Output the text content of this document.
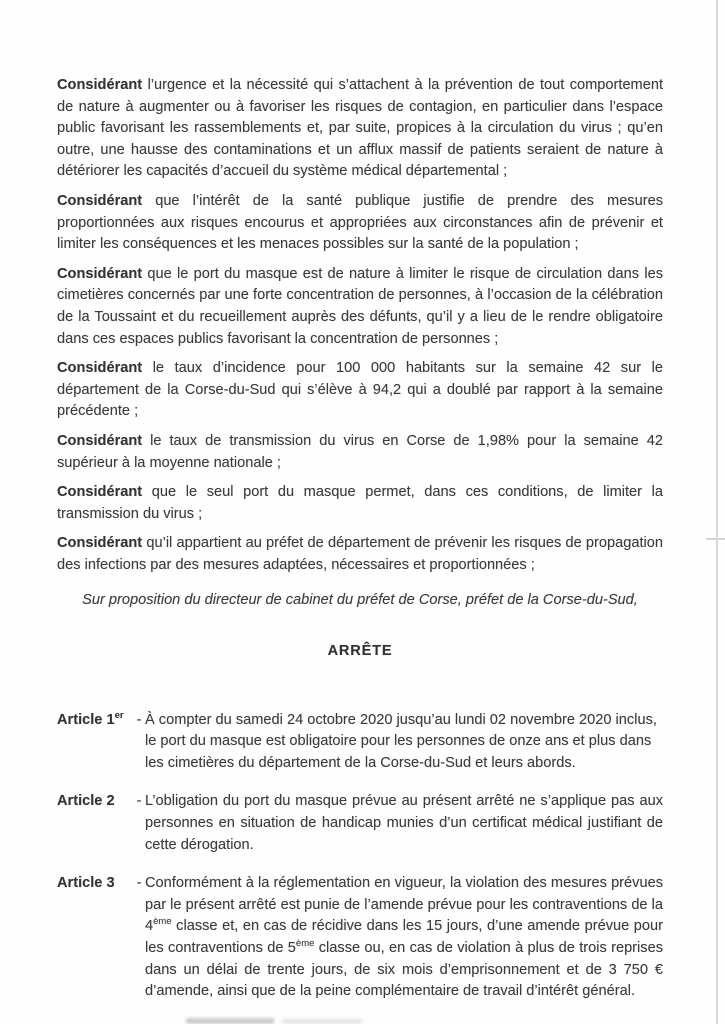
Considérant l’urgence et la nécessité qui s’attachent à la prévention de tout comportement de nature à augmenter ou à favoriser les risques de contagion, en particulier dans l’espace public favorisant les rassemblements et, par suite, propices à la circulation du virus ; qu’en outre, une hausse des contaminations et un afflux massif de patients seraient de nature à détériorer les capacités d’accueil du système médical départemental ;

Considérant que l’intérêt de la santé publique justifie de prendre des mesures proportionnées aux risques encourus et appropriées aux circonstances afin de prévenir et limiter les conséquences et les menaces possibles sur la santé de la population ;

Considérant que le port du masque est de nature à limiter le risque de circulation dans les cimetières concernés par une forte concentration de personnes, à l’occasion de la célébration de la Toussaint et du recueillement auprès des défunts, qu’il y a lieu de le rendre obligatoire dans ces espaces publics favorisant la concentration de personnes ;

Considérant le taux d’incidence pour 100 000 habitants sur la semaine 42 sur le département de la Corse-du-Sud qui s’élève à 94,2 qui a doublé par rapport à la semaine précédente ;

Considérant le taux de transmission du virus en Corse de 1,98% pour la semaine 42 supérieur à la moyenne nationale ;

Considérant que le seul port du masque permet, dans ces conditions, de limiter la transmission du virus ;

Considérant qu’il appartient au préfet de département de prévenir les risques de propagation des infections par des mesures adaptées, nécessaires et proportionnées ;

Sur proposition du directeur de cabinet du préfet de Corse, préfet de la Corse-du-Sud,

ARRÊTE

Article 1er - À compter du samedi 24 octobre 2020 jusqu’au lundi 02 novembre 2020 inclus, le port du masque est obligatoire pour les personnes de onze ans et plus dans les cimetières du département de la Corse-du-Sud et leurs abords.
Article 2	- L’obligation du port du masque prévue au présent arrêté ne s’applique pas aux personnes en situation de handicap munies d’un certificat médical justifiant de cette dérogation.
Article 3	- Conformément à la réglementation en vigueur, la violation des mesures prévues par le présent arrêté est punie de l’amende prévue pour les contraventions de la 4ème classe et, en cas de récidive dans les 15 jours, d’une amende prévue pour les contraventions de 5ème classe ou, en cas de violation à plus de trois reprises dans un délai de trente jours, de six mois d’emprisonnement et de 3 750 € d’amende, ainsi que de la peine complémentaire de travail d’intérêt général.
